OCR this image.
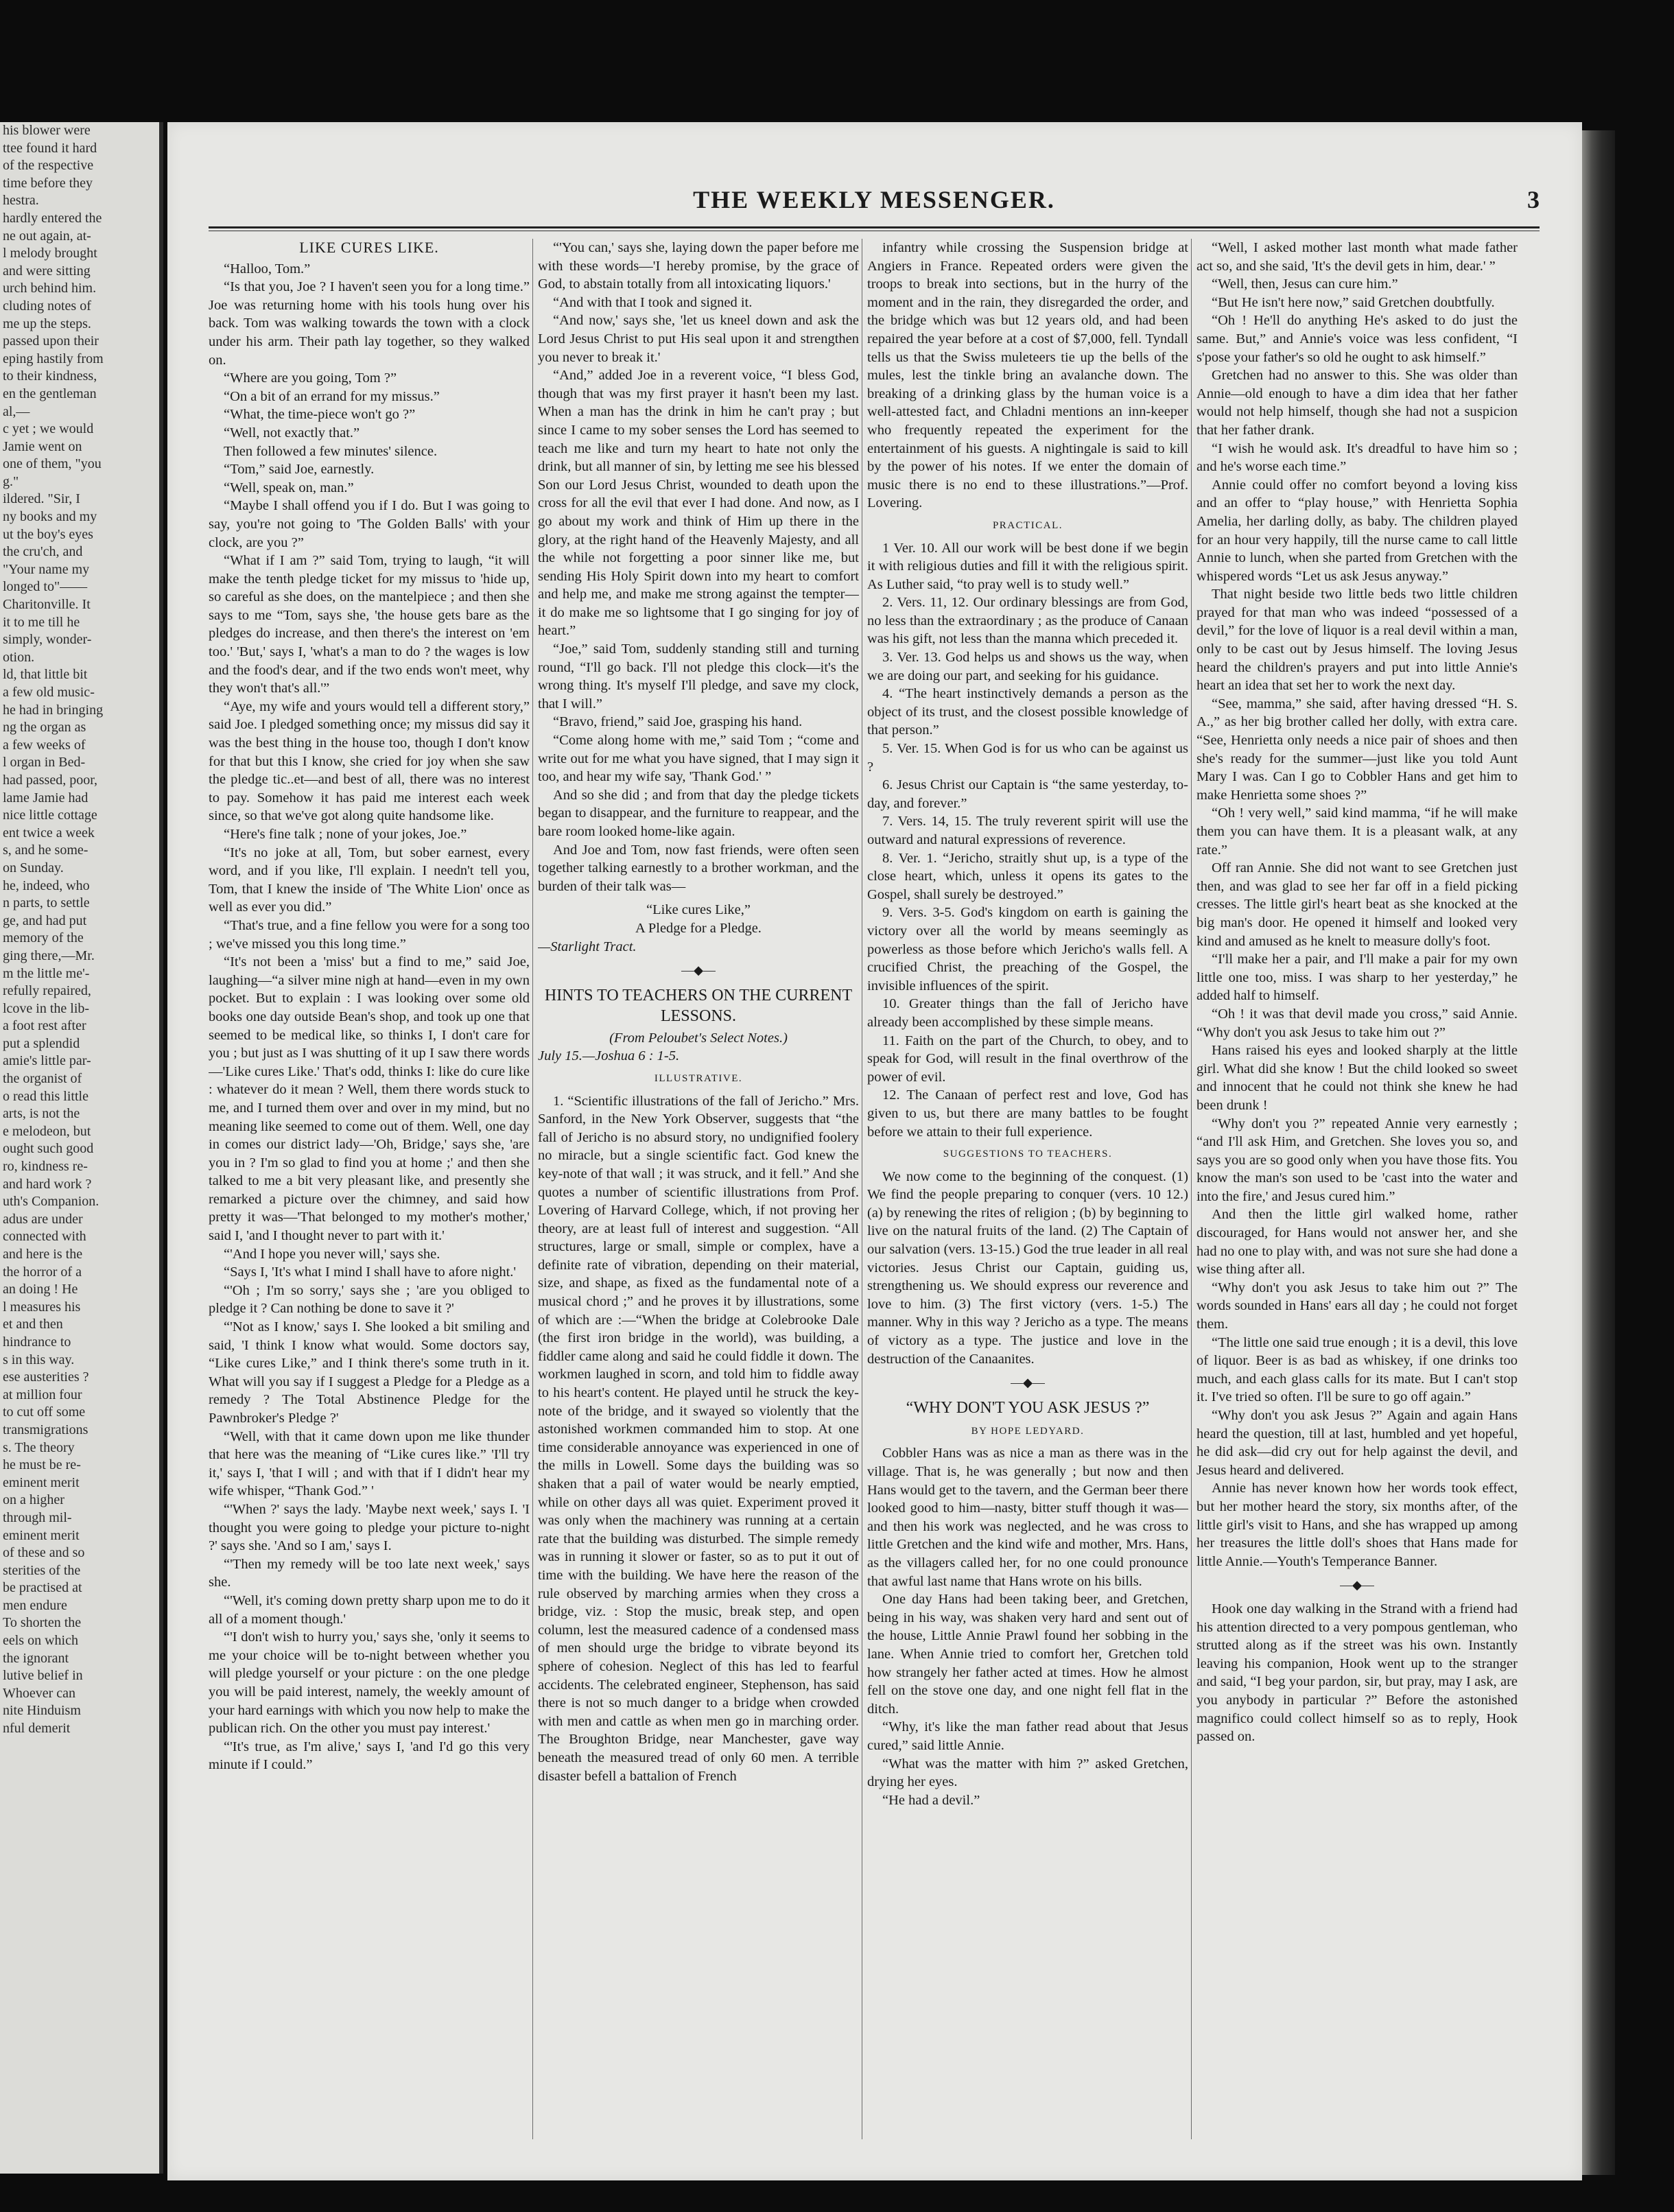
his blower were

ttee found it hard

of the respective

time before they

hestra.

hardly entered the

ne out again, at-

l melody brought

and were sitting

urch behind him.

cluding notes of

me up the steps.

passed upon their

eping hastily from

to their kindness,

en the gentleman

al,—

c yet ; we would

Jamie went on

one of them, "you

g."

ildered. "Sir, I

ny books and my

ut the boy's eyes

the cru'ch, and

"Your name my

longed to"——

Charitonville. It

it to me till he

simply, wonder-

otion.

ld, that little bit

a few old music-

he had in bringing

ng the organ as

a few weeks of

l organ in Bed-

had passed, poor,

lame Jamie had

nice little cottage

ent twice a week

s, and he some-

on Sunday.

he, indeed, who

n parts, to settle

ge, and had put

memory of the

ging there,—Mr.

m the little me'-

refully repaired,

lcove in the lib-

a foot rest after

put a splendid

amie's little par-

the organist of

o read this little

arts, is not the

e melodeon, but

ought such good

ro, kindness re-

and hard work ?

uth's Companion.

adus are under

connected with

and here is the

the horror of a

an doing ! He

l measures his

et and then

hindrance to

s in this way.

ese austerities ?

at million four

to cut off some

transmigrations

s. The theory

he must be re-

eminent merit

on a higher

through mil-

eminent merit

of these and so

sterities of the

be practised at

men endure

To shorten the

eels on which

the ignorant

lutive belief in

Whoever can

nite Hinduism

nful demerit

THE WEEKLY MESSENGER.	3
LIKE CURES LIKE.

“Halloo, Tom.”

“Is that you, Joe ? I haven't seen you for a long time.” Joe was returning home with his tools hung over his back. Tom was walking towards the town with a clock under his arm. Their path lay together, so they walked on.

“Where are you going, Tom ?”

“On a bit of an errand for my missus.”

“What, the time-piece won't go ?”

“Well, not exactly that.”

Then followed a few minutes' silence.

“Tom,” said Joe, earnestly.

“Well, speak on, man.”

“Maybe I shall offend you if I do. But I was going to say, you're not going to 'The Golden Balls' with your clock, are you ?”

“What if I am ?” said Tom, trying to laugh, “it will make the tenth pledge ticket for my missus to 'hide up, so careful as she does, on the mantelpiece ; and then she says to me “Tom, says she, 'the house gets bare as the pledges do increase, and then there's the interest on 'em too.' 'But,' says I, 'what's a man to do ? the wages is low and the food's dear, and if the two ends won't meet, why they won't that's all.'”

“Aye, my wife and yours would tell a different story,” said Joe. I pledged something once; my missus did say it was the best thing in the house too, though I don't know for that but this I know, she cried for joy when she saw the pledge tic..et—and best of all, there was no interest to pay. Somehow it has paid me interest each week since, so that we've got along quite handsome like.

“Here's fine talk ; none of your jokes, Joe.”

“It's no joke at all, Tom, but sober earnest, every word, and if you like, I'll explain. I needn't tell you, Tom, that I knew the inside of 'The White Lion' once as well as ever you did.”

“That's true, and a fine fellow you were for a song too ; we've missed you this long time.”

“It's not been a 'miss' but a find to me,” said Joe, laughing—“a silver mine nigh at hand—even in my own pocket. But to explain : I was looking over some old books one day outside Bean's shop, and took up one that seemed to be medical like, so thinks I, I don't care for you ; but just as I was shutting of it up I saw there words—'Like cures Like.' That's odd, thinks I: like do cure like : whatever do it mean ? Well, them there words stuck to me, and I turned them over and over in my mind, but no meaning like seemed to come out of them. Well, one day in comes our district lady—'Oh, Bridge,' says she, 'are you in ? I'm so glad to find you at home ;' and then she talked to me a bit very pleasant like, and presently she remarked a picture over the chimney, and said how pretty it was—'That belonged to my mother's mother,' said I, 'and I thought never to part with it.'

“'And I hope you never will,' says she.

“Says I, 'It's what I mind I shall have to afore night.'

“'Oh ; I'm so sorry,' says she ; 'are you obliged to pledge it ? Can nothing be done to save it ?'

“'Not as I know,' says I. She looked a bit smiling and said, 'I think I know what would. Some doctors say, “Like cures Like,” and I think there's some truth in it. What will you say if I suggest a Pledge for a Pledge as a remedy ? The Total Abstinence Pledge for the Pawnbroker's Pledge ?'

“Well, with that it came down upon me like thunder that here was the meaning of “Like cures like.” 'I'll try it,' says I, 'that I will ; and with that if I didn't hear my wife whisper, “Thank God.” '

“'When ?' says the lady. 'Maybe next week,' says I. 'I thought you were going to pledge your picture to-night ?' says she. 'And so I am,' says I.

“'Then my remedy will be too late next week,' says she.

“'Well, it's coming down pretty sharp upon me to do it all of a moment though.'

“'I don't wish to hurry you,' says she, 'only it seems to me your choice will be to-night between whether you will pledge yourself or your picture : on the one pledge you will be paid interest, namely, the weekly amount of your hard earnings with which you now help to make the publican rich. On the other you must pay interest.'

“'It's true, as I'm alive,' says I, 'and I'd go this very minute if I could.”

“'You can,' says she, laying down the paper before me with these words—'I hereby promise, by the grace of God, to abstain totally from all intoxicating liquors.'

“And with that I took and signed it.

“And now,' says she, 'let us kneel down and ask the Lord Jesus Christ to put His seal upon it and strengthen you never to break it.'

“And,” added Joe in a reverent voice, “I bless God, though that was my first prayer it hasn't been my last. When a man has the drink in him he can't pray ; but since I came to my sober senses the Lord has seemed to teach me like and turn my heart to hate not only the drink, but all manner of sin, by letting me see his blessed Son our Lord Jesus Christ, wounded to death upon the cross for all the evil that ever I had done. And now, as I go about my work and think of Him up there in the glory, at the right hand of the Heavenly Majesty, and all the while not forgetting a poor sinner like me, but sending His Holy Spirit down into my heart to comfort and help me, and make me strong against the tempter—it do make me so lightsome that I go singing for joy of heart.”

“Joe,” said Tom, suddenly standing still and turning round, “I'll go back. I'll not pledge this clock—it's the wrong thing. It's myself I'll pledge, and save my clock, that I will.”

“Bravo, friend,” said Joe, grasping his hand.

“Come along home with me,” said Tom ; “come and write out for me what you have signed, that I may sign it too, and hear my wife say, 'Thank God.' ”

And so she did ; and from that day the pledge tickets began to disappear, and the furniture to reappear, and the bare room looked home-like again.

And Joe and Tom, now fast friends, were often seen together talking earnestly to a brother workman, and the burden of their talk was—

“Like cures Like,”

A Pledge for a Pledge.

—Starlight Tract.

—◆—
HINTS TO TEACHERS ON THE CURRENT LESSONS.

(From Peloubet's Select Notes.)

July 15.—Joshua 6 : 1-5.

ILLUSTRATIVE.

1. “Scientific illustrations of the fall of Jericho.” Mrs. Sanford, in the New York Observer, suggests that “the fall of Jericho is no absurd story, no undignified foolery no miracle, but a single scientific fact. God knew the key-note of that wall ; it was struck, and it fell.” And she quotes a number of scientific illustrations from Prof. Lovering of Harvard College, which, if not proving her theory, are at least full of interest and suggestion. “All structures, large or small, simple or complex, have a definite rate of vibration, depending on their material, size, and shape, as fixed as the fundamental note of a musical chord ;” and he proves it by illustrations, some of which are :—“When the bridge at Colebrooke Dale (the first iron bridge in the world), was building, a fiddler came along and said he could fiddle it down. The workmen laughed in scorn, and told him to fiddle away to his heart's content. He played until he struck the key-note of the bridge, and it swayed so violently that the astonished workmen commanded him to stop. At one time considerable annoyance was experienced in one of the mills in Lowell. Some days the building was so shaken that a pail of water would be nearly emptied, while on other days all was quiet. Experiment proved it was only when the machinery was running at a certain rate that the building was disturbed. The simple remedy was in running it slower or faster, so as to put it out of time with the building. We have here the reason of the rule observed by marching armies when they cross a bridge, viz. : Stop the music, break step, and open column, lest the measured cadence of a condensed mass of men should urge the bridge to vibrate beyond its sphere of cohesion. Neglect of this has led to fearful accidents. The celebrated engineer, Stephenson, has said there is not so much danger to a bridge when crowded with men and cattle as when men go in marching order. The Broughton Bridge, near Manchester, gave way beneath the measured tread of only 60 men. A terrible disaster befell a battalion of French

infantry while crossing the Suspension bridge at Angiers in France. Repeated orders were given the troops to break into sections, but in the hurry of the moment and in the rain, they disregarded the order, and the bridge which was but 12 years old, and had been repaired the year before at a cost of $7,000, fell. Tyndall tells us that the Swiss muleteers tie up the bells of the mules, lest the tinkle bring an avalanche down. The breaking of a drinking glass by the human voice is a well-attested fact, and Chladni mentions an inn-keeper who frequently repeated the experiment for the entertainment of his guests. A nightingale is said to kill by the power of his notes. If we enter the domain of music there is no end to these illustrations.”—Prof. Lovering.

PRACTICAL.

1 Ver. 10. All our work will be best done if we begin it with religious duties and fill it with the religious spirit. As Luther said, “to pray well is to study well.”

2. Vers. 11, 12. Our ordinary blessings are from God, no less than the extraordinary ; as the produce of Canaan was his gift, not less than the manna which preceded it.

3. Ver. 13. God helps us and shows us the way, when we are doing our part, and seeking for his guidance.

4. “The heart instinctively demands a person as the object of its trust, and the closest possible knowledge of that person.”

5. Ver. 15. When God is for us who can be against us ?

6. Jesus Christ our Captain is “the same yesterday, to-day, and forever.”

7. Vers. 14, 15. The truly reverent spirit will use the outward and natural expressions of reverence.

8. Ver. 1. “Jericho, straitly shut up, is a type of the close heart, which, unless it opens its gates to the Gospel, shall surely be destroyed.”

9. Vers. 3-5. God's kingdom on earth is gaining the victory over all the world by means seemingly as powerless as those before which Jericho's walls fell. A crucified Christ, the preaching of the Gospel, the invisible influences of the spirit.

10. Greater things than the fall of Jericho have already been accomplished by these simple means.

11. Faith on the part of the Church, to obey, and to speak for God, will result in the final overthrow of the power of evil.

12. The Canaan of perfect rest and love, God has given to us, but there are many battles to be fought before we attain to their full experience.

SUGGESTIONS TO TEACHERS.

We now come to the beginning of the conquest. (1) We find the people preparing to conquer (vers. 10 12.) (a) by renewing the rites of religion ; (b) by beginning to live on the natural fruits of the land. (2) The Captain of our salvation (vers. 13-15.) God the true leader in all real victories. Jesus Christ our Captain, guiding us, strengthening us. We should express our reverence and love to him. (3) The first victory (vers. 1-5.) The manner. Why in this way ? Jericho as a type. The means of victory as a type. The justice and love in the destruction of the Canaanites.

—◆—
“WHY DON'T YOU ASK JESUS ?”
BY HOPE LEDYARD.

Cobbler Hans was as nice a man as there was in the village. That is, he was generally ; but now and then Hans would get to the tavern, and the German beer there looked good to him—nasty, bitter stuff though it was—and then his work was neglected, and he was cross to little Gretchen and the kind wife and mother, Mrs. Hans, as the villagers called her, for no one could pronounce that awful last name that Hans wrote on his bills.

One day Hans had been taking beer, and Gretchen, being in his way, was shaken very hard and sent out of the house, Little Annie Prawl found her sobbing in the lane. When Annie tried to comfort her, Gretchen told how strangely her father acted at times. How he almost fell on the stove one day, and one night fell flat in the ditch.

“Why, it's like the man father read about that Jesus cured,” said little Annie.

“What was the matter with him ?” asked Gretchen, drying her eyes.

“He had a devil.”

“Well, I asked mother last month what made father act so, and she said, 'It's the devil gets in him, dear.' ”

“Well, then, Jesus can cure him.”

“But He isn't here now,” said Gretchen doubtfully.

“Oh ! He'll do anything He's asked to do just the same. But,” and Annie's voice was less confident, “I s'pose your father's so old he ought to ask himself.”

Gretchen had no answer to this. She was older than Annie—old enough to have a dim idea that her father would not help himself, though she had not a suspicion that her father drank.

“I wish he would ask. It's dreadful to have him so ; and he's worse each time.”

Annie could offer no comfort beyond a loving kiss and an offer to “play house,” with Henrietta Sophia Amelia, her darling dolly, as baby. The children played for an hour very happily, till the nurse came to call little Annie to lunch, when she parted from Gretchen with the whispered words “Let us ask Jesus anyway.”

That night beside two little beds two little children prayed for that man who was indeed “possessed of a devil,” for the love of liquor is a real devil within a man, only to be cast out by Jesus himself. The loving Jesus heard the children's prayers and put into little Annie's heart an idea that set her to work the next day.

“See, mamma,” she said, after having dressed “H. S. A.,” as her big brother called her dolly, with extra care. “See, Henrietta only needs a nice pair of shoes and then she's ready for the summer—just like you told Aunt Mary I was. Can I go to Cobbler Hans and get him to make Henrietta some shoes ?”

“Oh ! very well,” said kind mamma, “if he will make them you can have them. It is a pleasant walk, at any rate.”

Off ran Annie. She did not want to see Gretchen just then, and was glad to see her far off in a field picking cresses. The little girl's heart beat as she knocked at the big man's door. He opened it himself and looked very kind and amused as he knelt to measure dolly's foot.

“I'll make her a pair, and I'll make a pair for my own little one too, miss. I was sharp to her yesterday,” he added half to himself.

“Oh ! it was that devil made you cross,” said Annie. “Why don't you ask Jesus to take him out ?”

Hans raised his eyes and looked sharply at the little girl. What did she know ! But the child looked so sweet and innocent that he could not think she knew he had been drunk !

“Why don't you ?” repeated Annie very earnestly ; “and I'll ask Him, and Gretchen. She loves you so, and says you are so good only when you have those fits. You know the man's son used to be 'cast into the water and into the fire,' and Jesus cured him.”

And then the little girl walked home, rather discouraged, for Hans would not answer her, and she had no one to play with, and was not sure she had done a wise thing after all.

“Why don't you ask Jesus to take him out ?” The words sounded in Hans' ears all day ; he could not forget them.

“The little one said true enough ; it is a devil, this love of liquor. Beer is as bad as whiskey, if one drinks too much, and each glass calls for its mate. But I can't stop it. I've tried so often. I'll be sure to go off again.”

“Why don't you ask Jesus ?” Again and again Hans heard the question, till at last, humbled and yet hopeful, he did ask—did cry out for help against the devil, and Jesus heard and delivered.

Annie has never known how her words took effect, but her mother heard the story, six months after, of the little girl's visit to Hans, and she has wrapped up among her treasures the little doll's shoes that Hans made for little Annie.—Youth's Temperance Banner.

—◆—

Hook one day walking in the Strand with a friend had his attention directed to a very pompous gentleman, who strutted along as if the street was his own. Instantly leaving his companion, Hook went up to the stranger and said, “I beg your pardon, sir, but pray, may I ask, are you anybody in particular ?” Before the astonished magnifico could collect himself so as to reply, Hook passed on.
